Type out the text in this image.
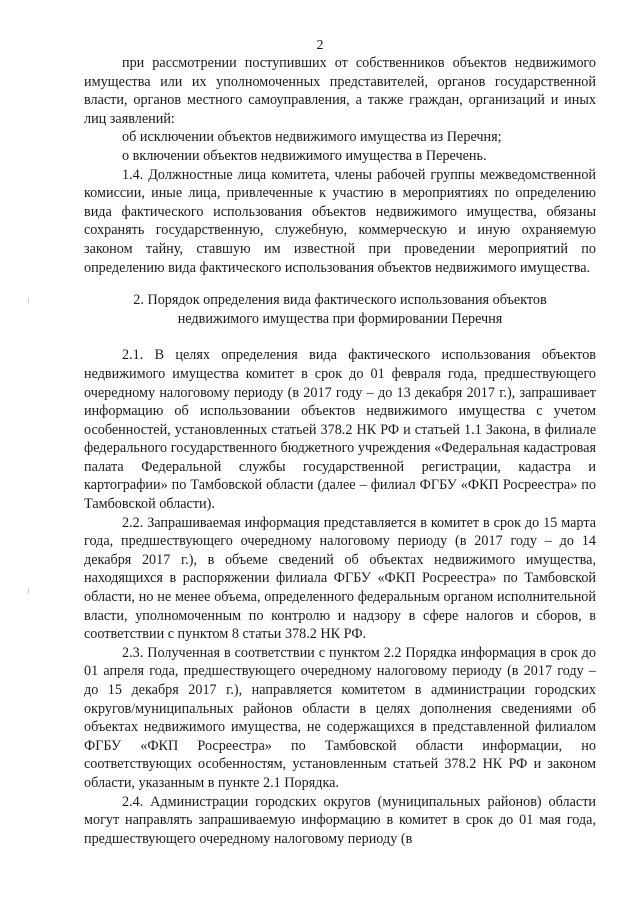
2

при рассмотрении поступивших от собственников объектов недвижимого имущества или их уполномоченных представителей, органов государственной власти, органов местного самоуправления, а также граждан, организаций и иных лиц заявлений:

об исключении объектов недвижимого имущества из Перечня;

о включении объектов недвижимого имущества в Перечень.

1.4. Должностные лица комитета, члены рабочей группы межведомственной комиссии, иные лица, привлеченные к участию в мероприятиях по определению вида фактического использования объектов недвижимого имущества, обязаны сохранять государственную, служебную, коммерческую и иную охраняемую законом тайну, ставшую им известной при проведении мероприятий по определению вида фактического использования объектов недвижимого имущества.

2. Порядок определения вида фактического использования объектов
недвижимого имущества при формировании Перечня

2.1. В целях определения вида фактического использования объектов недвижимого имущества комитет в срок до 01 февраля года, предшествующего очередному налоговому периоду (в 2017 году – до 13 декабря 2017 г.), запрашивает информацию об использовании объектов недвижимого имущества с учетом особенностей, установленных статьей 378.2 НК РФ и статьей 1.1 Закона, в филиале федерального государственного бюджетного учреждения «Федеральная кадастровая палата Федеральной службы государственной регистрации, кадастра и картографии» по Тамбовской области (далее – филиал ФГБУ «ФКП Росреестра» по Тамбовской области).

2.2. Запрашиваемая информация представляется в комитет в срок до 15 марта года, предшествующего очередному налоговому периоду (в 2017 году – до 14 декабря 2017 г.), в объеме сведений об объектах недвижимого имущества, находящихся в распоряжении филиала ФГБУ «ФКП Росреестра» по Тамбовской области, но не менее объема, определенного федеральным органом исполнительной власти, уполномоченным по контролю и надзору в сфере налогов и сборов, в соответствии с пунктом 8 статьи 378.2 НК РФ.

2.3. Полученная в соответствии с пунктом 2.2 Порядка информация в срок до 01 апреля года, предшествующего очередному налоговому периоду (в 2017 году – до 15 декабря 2017 г.), направляется комитетом в администрации городских округов/муниципальных районов области в целях дополнения сведениями об объектах недвижимого имущества, не содержащихся в представленной филиалом ФГБУ «ФКП Росреестра» по Тамбовской области информации, но соответствующих особенностям, установленным статьей 378.2 НК РФ и законом области, указанным в пункте 2.1 Порядка.

2.4. Администрации городских округов (муниципальных районов) области могут направлять запрашиваемую информацию в комитет в срок до 01 мая года, предшествующего очередному налоговому периоду (в
